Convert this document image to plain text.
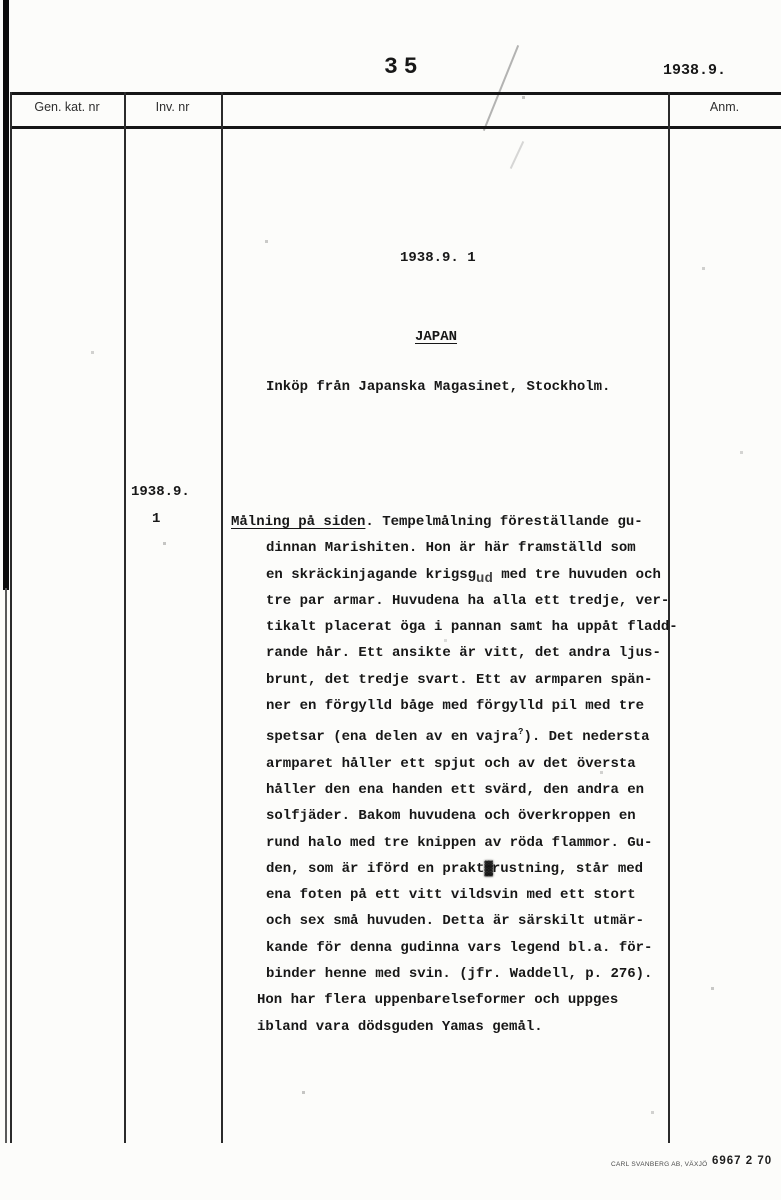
35	1938.9.
Gen. kat. nr	Inv. nr	Anm.
1938.9. 1
JAPAN
Inköp från Japanska Magasinet, Stockholm.
1938.9.
1	Målning på siden. Tempelmålning föreställande gu-
dinnan Marishiten. Hon är här framställd som
en skräckinjagande krigsgud med tre huvuden och
tre par armar. Huvudena ha alla ett tredje, ver-
tikalt placerat öga i pannan samt ha uppåt fladd-
rande hår. Ett ansikte är vitt, det andra ljus-
brunt, det tredje svart. Ett av armparen spän-
ner en förgylld båge med förgylld pil med tre
spetsar (ena delen av en vajra?). Det nedersta
armparet håller ett spjut och av det översta
håller den ena handen ett svärd, den andra en
solfjäder. Bakom huvudena och överkroppen en
rund halo med tre knippen av röda flammor. Gu-
den, som är iförd en prakt▓rustning, står med
ena foten på ett vitt vildsvin med ett stort
och sex små huvuden. Detta är särskilt utmär-
kande för denna gudinna vars legend bl.a. för-
binder henne med svin. (jfr. Waddell, p. 276).
Hon har flera uppenbarelseformer och uppges
ibland vara dödsguden Yamas gemål.
CARL SVANBERG AB, VÄXJÖ 6967 2 70
